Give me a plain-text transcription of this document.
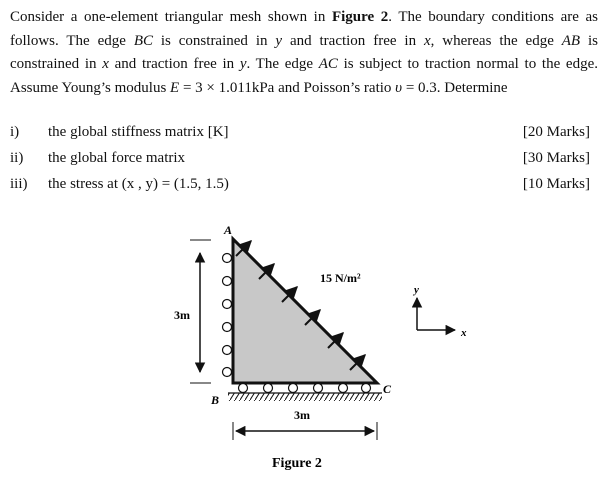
Consider a one-element triangular mesh shown in Figure 2. The boundary conditions are as follows. The edge BC is constrained in y and traction free in x, whereas the edge AB is constrained in x and traction free in y. The edge AC is subject to traction normal to the edge. Assume Young’s modulus E = 3 × 1.011kPa and Poisson’s ratio υ = 0.3. Determine
i) the global stiffness matrix [K]	[20 Marks]
ii) the global force matrix	[30 Marks]
iii) the stress at (x , y) = (1.5, 1.5)	[10 Marks]
A
B
C
15 N/m²
3m
3m
y
x
Figure 2
